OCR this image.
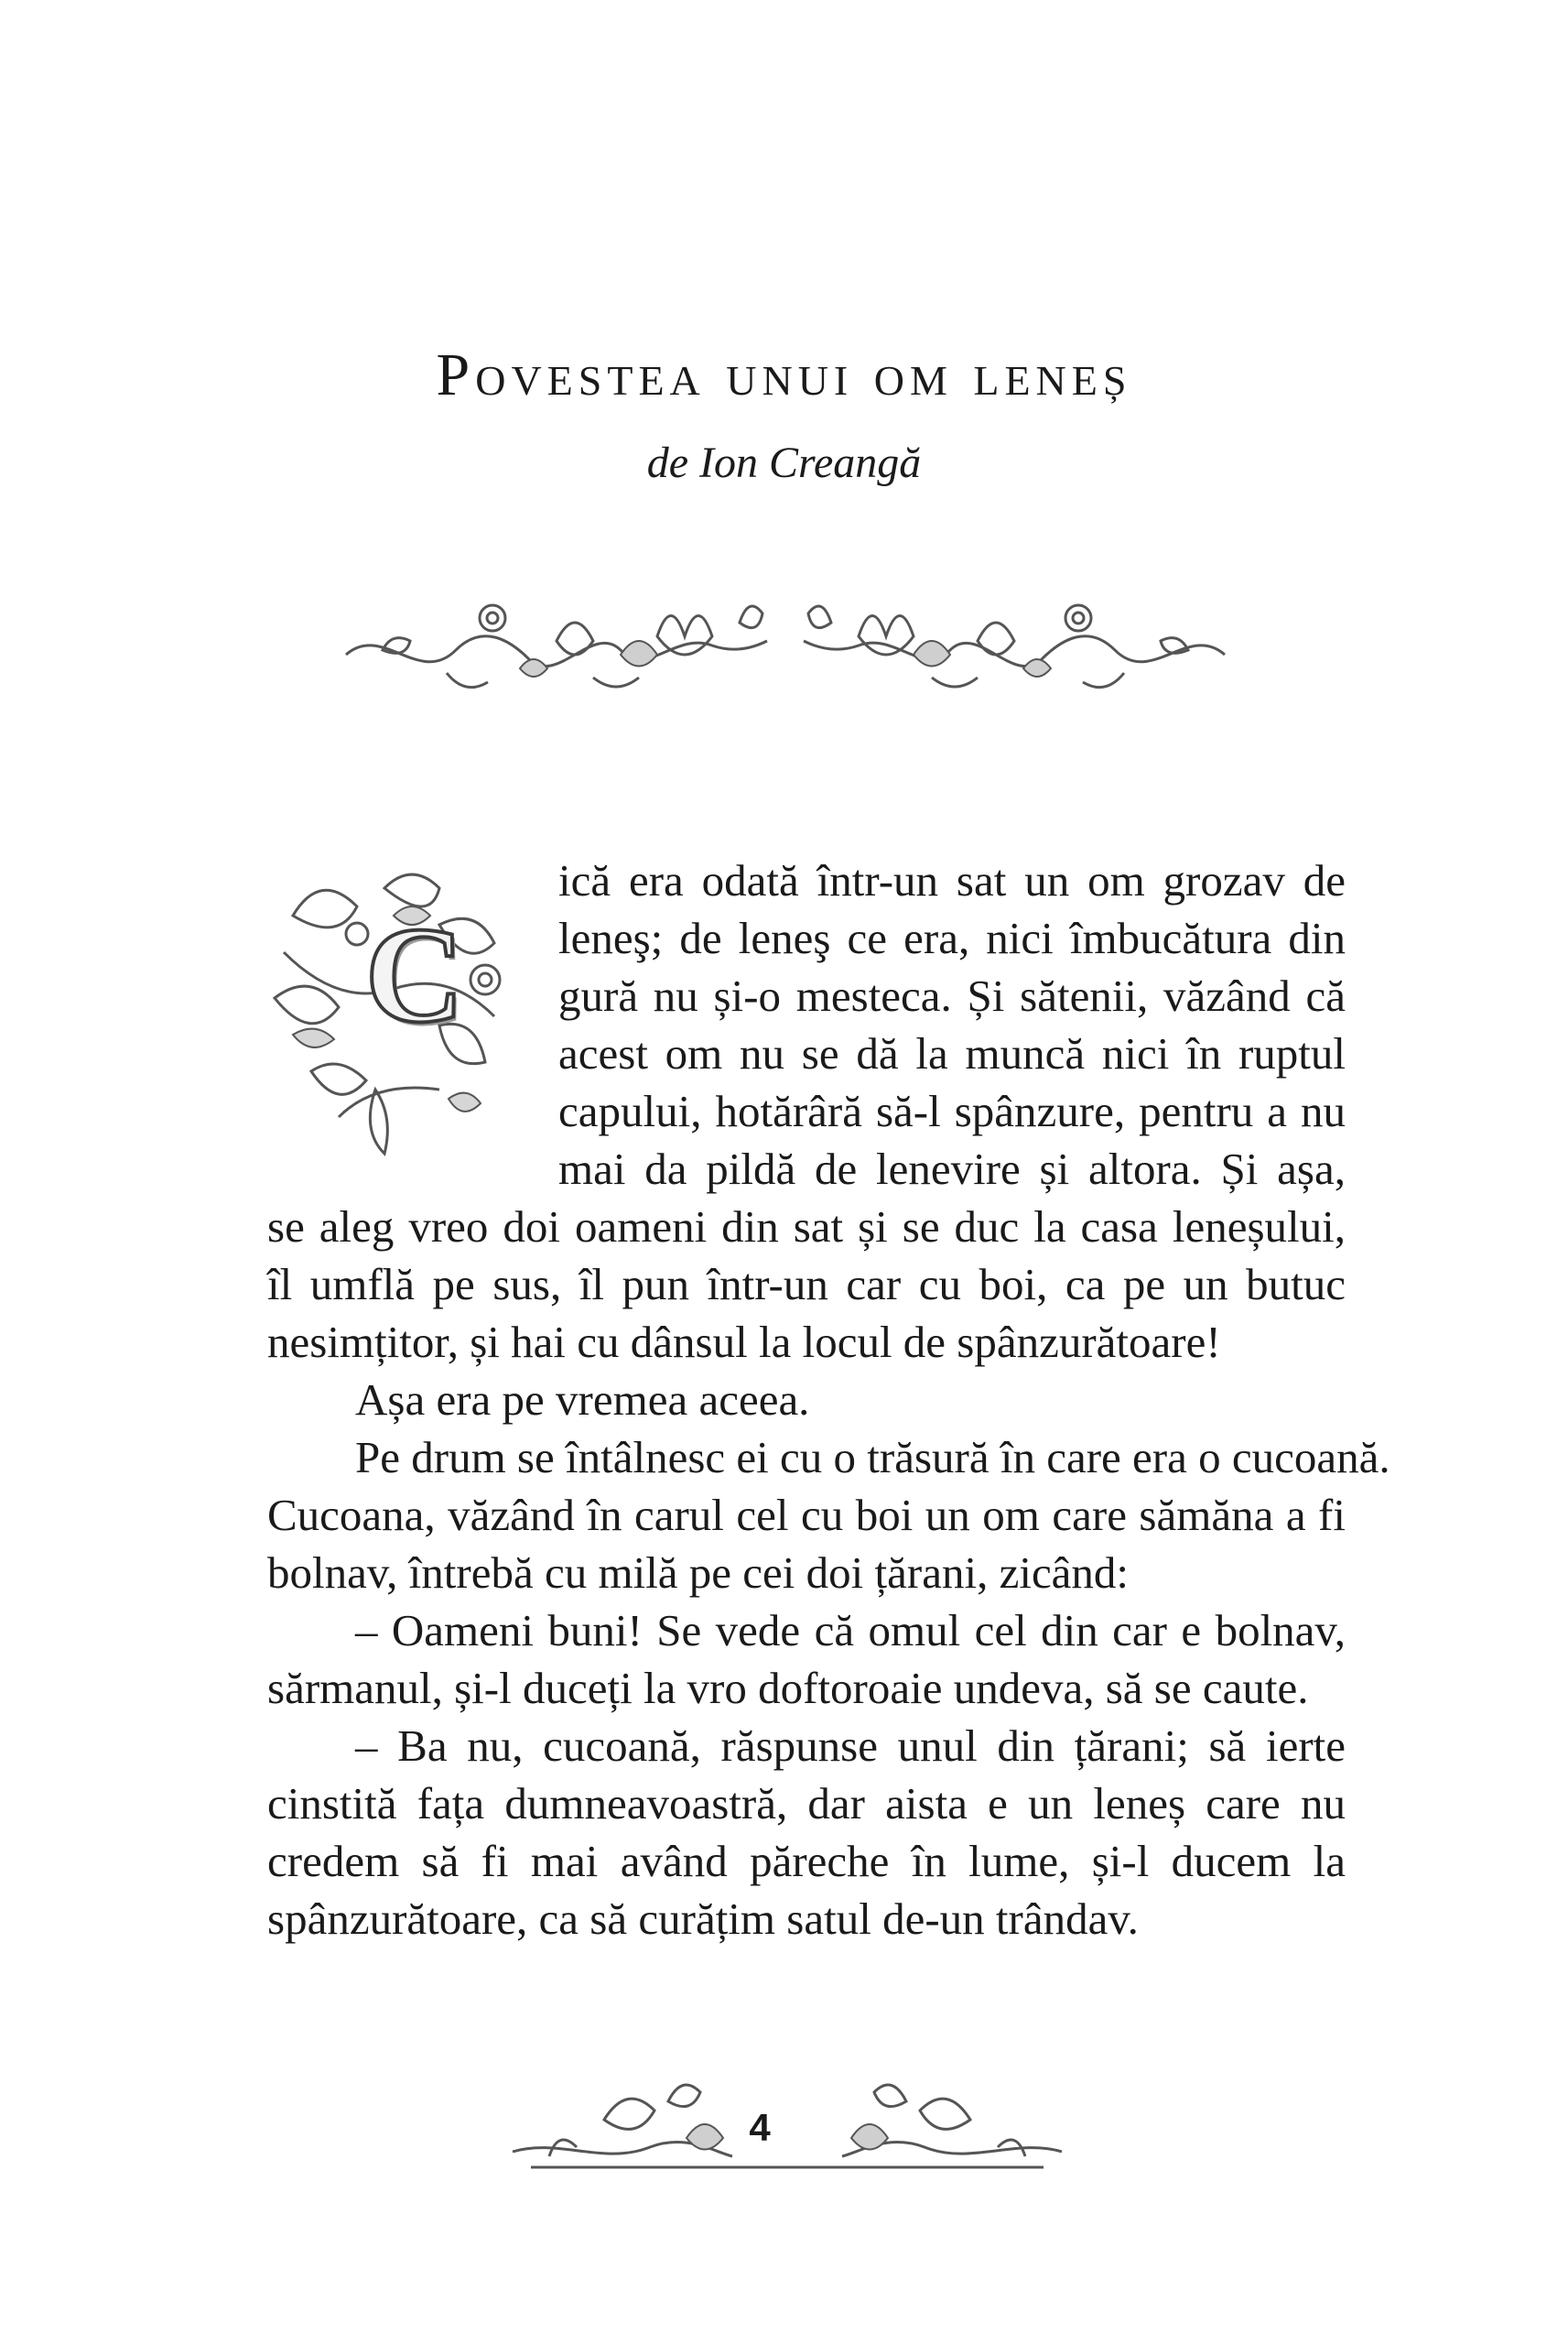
Povestea unui om leneș
de Ion Creangă
C
ică era odată într-un sat un om grozav de
leneş; de leneş ce era, nici îmbucătura din
gură nu și-o mesteca. Și sătenii, văzând că
acest om nu se dă la muncă nici în ruptul
capului, hotărâră să-l spânzure, pentru a nu
mai da pildă de lenevire și altora. Și așa,
se aleg vreo doi oameni din sat și se duc la casa leneșului,
îl umflă pe sus, îl pun într-un car cu boi, ca pe un butuc
nesimțitor, și hai cu dânsul la locul de spânzurătoare!
Așa era pe vremea aceea.
Pe drum se întâlnesc ei cu o trăsură în care era o cucoană.
Cucoana, văzând în carul cel cu boi un om care sămăna a fi
bolnav, întrebă cu milă pe cei doi țărani, zicând:
– Oameni buni! Se vede că omul cel din car e bolnav,
sărmanul, și-l duceți la vro doftoroaie undeva, să se caute.
– Ba nu, cucoană, răspunse unul din țărani; să ierte
cinstită fața dumneavoastră, dar aista e un leneș care nu
credem să fi mai având păreche în lume, și-l ducem la
spânzurătoare, ca să curățim satul de-un trândav.
4
